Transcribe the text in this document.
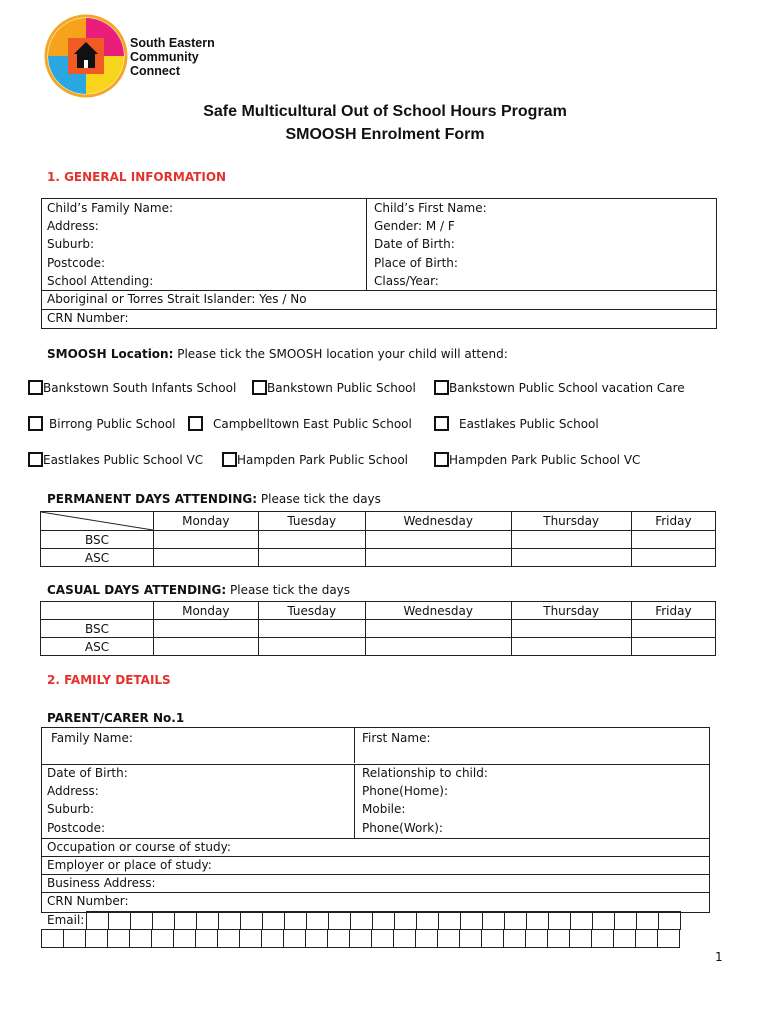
South Eastern
Community
Connect
Safe Multicultural Out of School Hours Program
SMOOSH Enrolment Form
1. GENERAL INFORMATION
Child’s Family Name:	Child’s First Name:
Address:	Gender: M / F
Suburb:	Date of Birth:
Postcode:	Place of Birth:
School Attending:	Class/Year:
Aboriginal or Torres Strait Islander: Yes / No
CRN Number:
SMOOSH Location: Please tick the SMOOSH location your child will attend:
Bankstown South Infants School	Bankstown Public School	Bankstown Public School vacation Care
Birrong Public School	Campbelltown East Public School	Eastlakes Public School
Eastlakes Public School VC	Hampden Park Public School	Hampden Park Public School VC
PERMANENT DAYS ATTENDING: Please tick the days
	Monday	Tuesday	Wednesday	Thursday	Friday
BSC					
ASC					
CASUAL DAYS ATTENDING: Please tick the days
	Monday	Tuesday	Wednesday	Thursday	Friday
BSC					
ASC					
2. FAMILY DETAILS
PARENT/CARER No.1
Family Name:	First Name:
Date of Birth:	Relationship to child:
Address:	Phone(Home):
Suburb:	Mobile:
Postcode:	Phone(Work):
Occupation or course of study:
Employer or place of study:
Business Address:
CRN Number:
Email:

1
